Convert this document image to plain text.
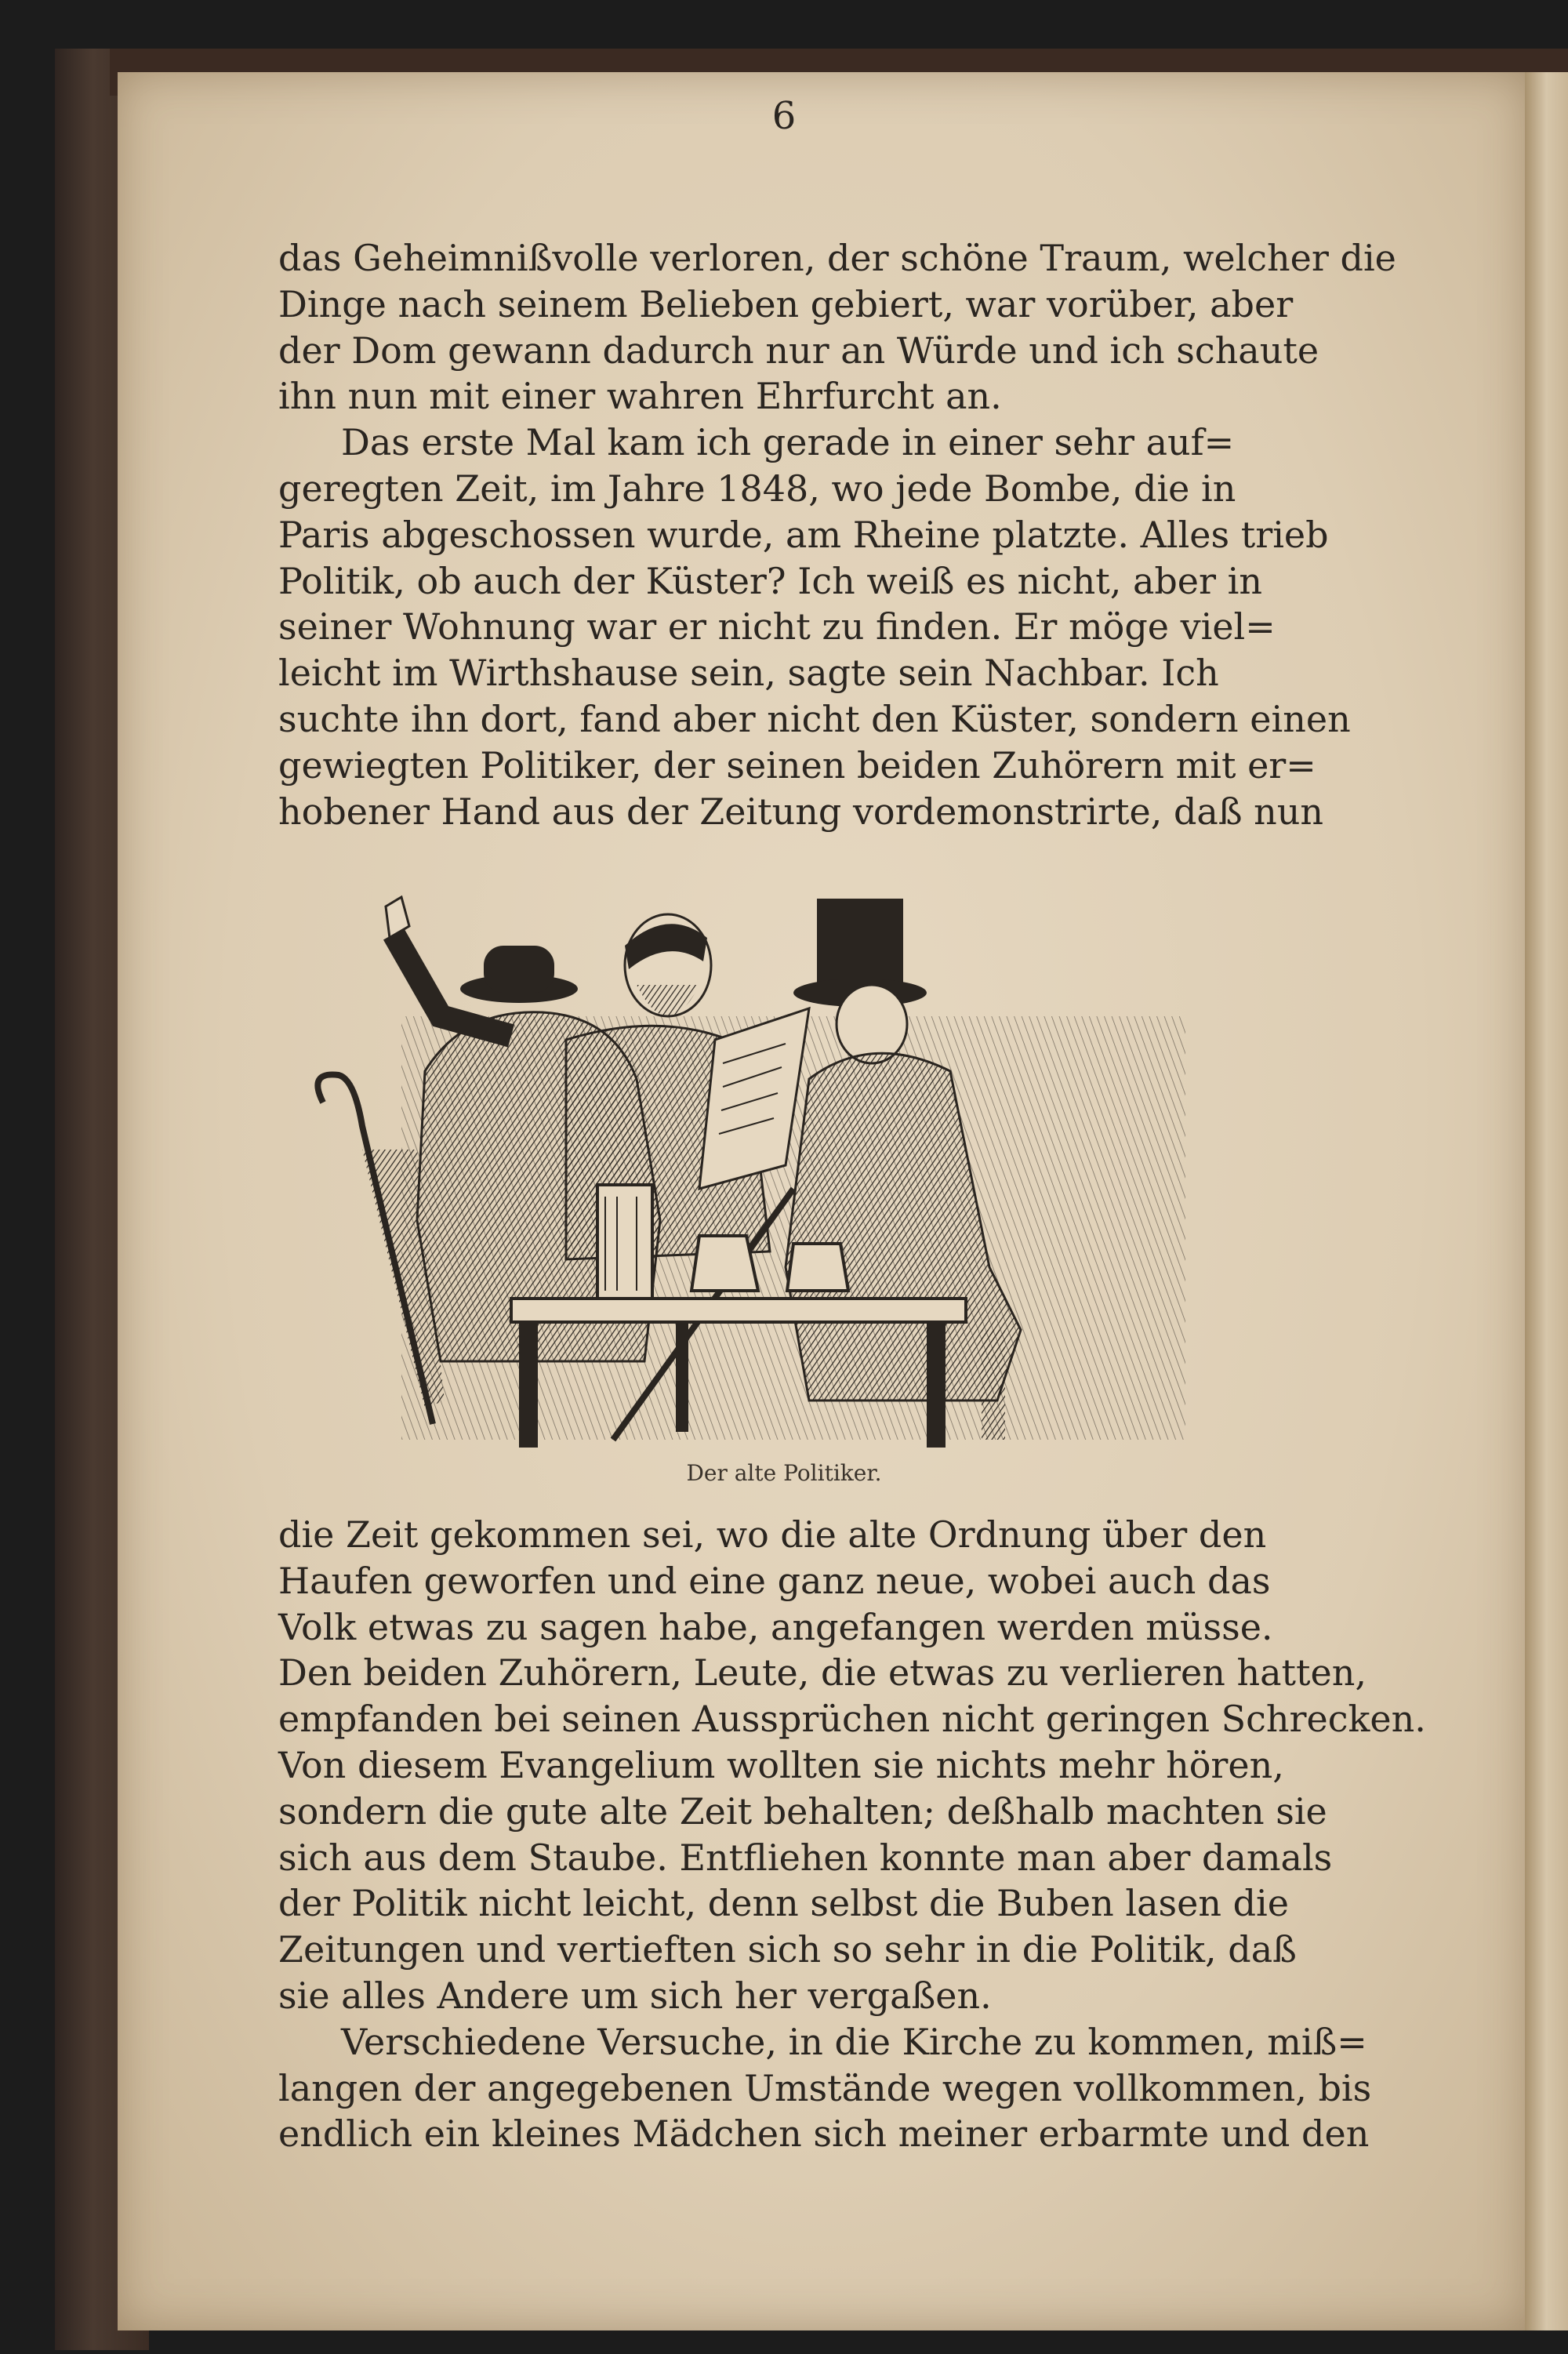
6
das Geheimnißvolle verloren, der schöne Traum, welcher die
Dinge nach seinem Belieben gebiert, war vorüber, aber
der Dom gewann dadurch nur an Würde und ich schaute
ihn nun mit einer wahren Ehrfurcht an.
Das erste Mal kam ich gerade in einer sehr auf=
geregten Zeit, im Jahre 1848, wo jede Bombe, die in
Paris abgeschossen wurde, am Rheine platzte. Alles trieb
Politik, ob auch der Küster? Ich weiß es nicht, aber in
seiner Wohnung war er nicht zu finden. Er möge viel=
leicht im Wirthshause sein, sagte sein Nachbar. Ich
suchte ihn dort, fand aber nicht den Küster, sondern einen
gewiegten Politiker, der seinen beiden Zuhörern mit er=
hobener Hand aus der Zeitung vordemonstrirte, daß nun
Der alte Politiker.
die Zeit gekommen sei, wo die alte Ordnung über den
Haufen geworfen und eine ganz neue, wobei auch das
Volk etwas zu sagen habe, angefangen werden müsse.
Den beiden Zuhörern, Leute, die etwas zu verlieren hatten,
empfanden bei seinen Aussprüchen nicht geringen Schrecken.
Von diesem Evangelium wollten sie nichts mehr hören,
sondern die gute alte Zeit behalten; deßhalb machten sie
sich aus dem Staube. Entfliehen konnte man aber damals
der Politik nicht leicht, denn selbst die Buben lasen die
Zeitungen und vertieften sich so sehr in die Politik, daß
sie alles Andere um sich her vergaßen.
Verschiedene Versuche, in die Kirche zu kommen, miß=
langen der angegebenen Umstände wegen vollkommen, bis
endlich ein kleines Mädchen sich meiner erbarmte und den
